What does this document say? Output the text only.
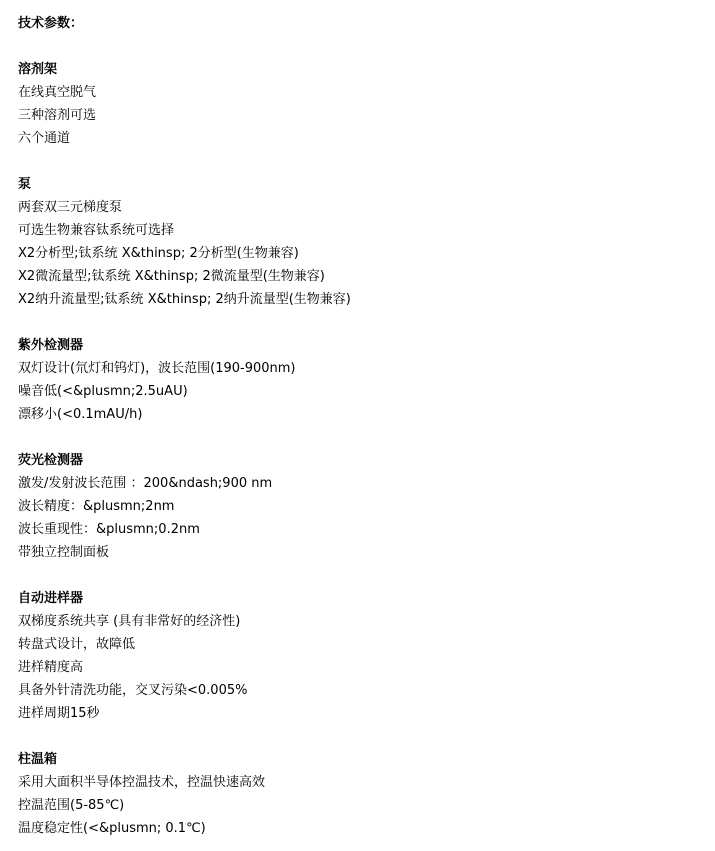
技术参数：
溶剂架
在线真空脱气
三种溶剂可选
六个通道
泵
两套双三元梯度泵
可选生物兼容钛系统可选择
X2分析型;钛系统 X&thinsp; 2分析型(生物兼容)
X2微流量型;钛系统 X&thinsp; 2微流量型(生物兼容)
X2纳升流量型;钛系统 X&thinsp; 2纳升流量型(生物兼容)
紫外检测器
双灯设计(氘灯和钨灯)，波长范围(190-900nm)
噪音低(<&plusmn;2.5uAU)
漂移小(<0.1mAU/h)
荧光检测器
激发/发射波长范围 ：200&ndash;900 nm
波长精度：&plusmn;2nm
波长重现性：&plusmn;0.2nm
带独立控制面板
自动进样器
双梯度系统共享 (具有非常好的经济性)
转盘式设计，故障低
进样精度高
具备外针清洗功能，交叉污染<0.005%
进样周期15秒
柱温箱
采用大面积半导体控温技术，控温快速高效
控温范围(5-85℃)
温度稳定性(<&plusmn; 0.1℃)
